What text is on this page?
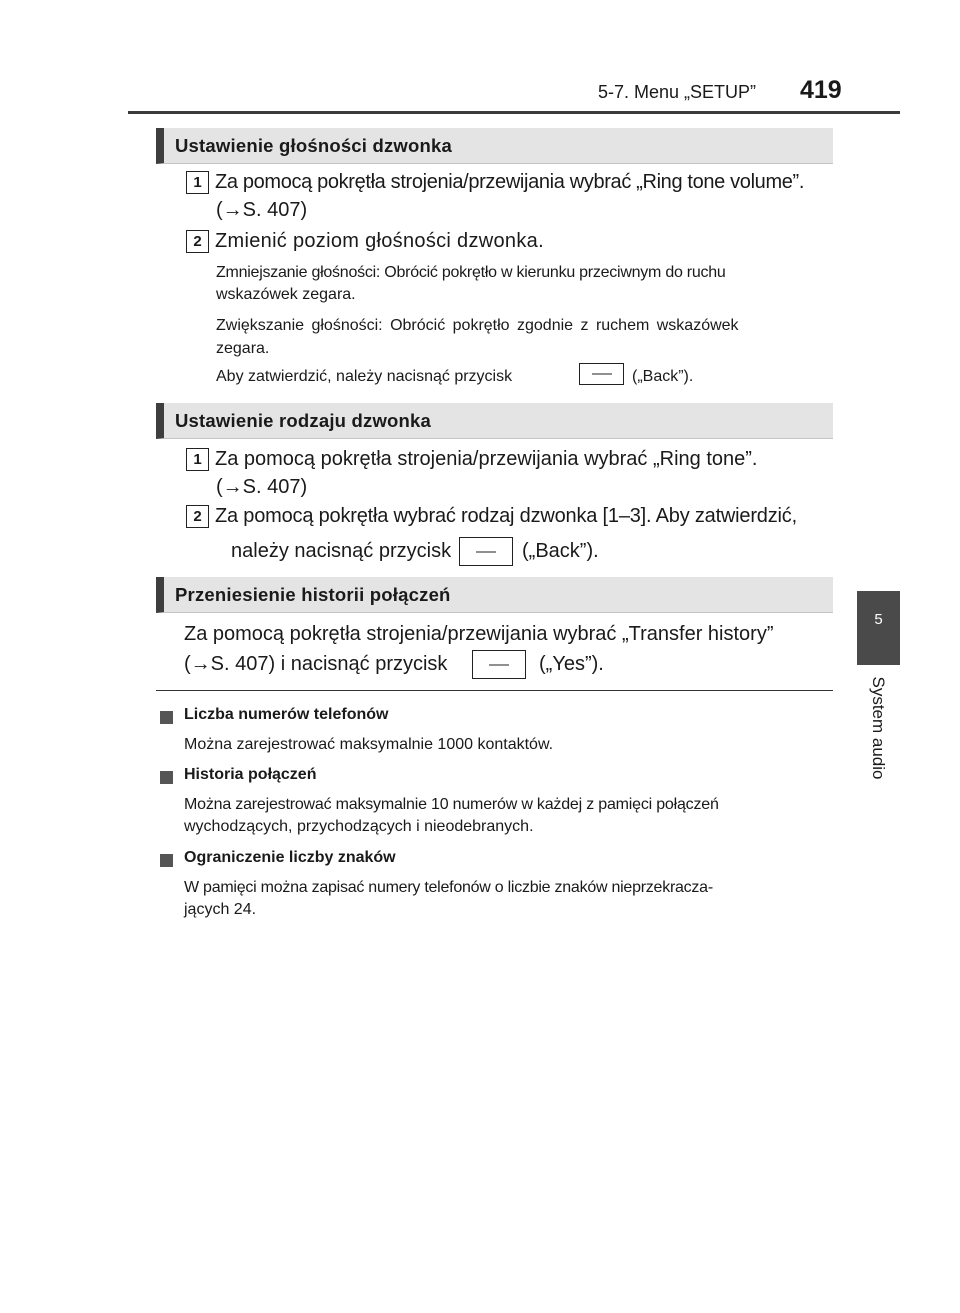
5-7. Menu „SETUP” 419
5
System audio
Ustawienie głośności dzwonka
1 Za pomocą pokrętła strojenia/przewijania wybrać „Ring tone volume”.
(→S. 407)
2 Zmienić poziom głośności dzwonka.
Zmniejszanie głośności: Obrócić pokrętło w kierunku przeciwnym do ruchu
wskazówek zegara.
Zwiększanie głośności: Obrócić pokrętło zgodnie z ruchem wskazówek
zegara.
Aby zatwierdzić, należy nacisnąć przycisk	(„Back”).
Ustawienie rodzaju dzwonka
1 Za pomocą pokrętła strojenia/przewijania wybrać „Ring tone”.
(→S. 407)
2 Za pomocą pokrętła wybrać rodzaj dzwonka [1–3]. Aby zatwierdzić,
należy nacisnąć przycisk	(„Back”).
Przeniesienie historii połączeń
Za pomocą pokrętła strojenia/przewijania wybrać „Transfer history”
(→S. 407) i nacisnąć przycisk	(„Yes”).
Liczba numerów telefonów
Można zarejestrować maksymalnie 1000 kontaktów.
Historia połączeń
Można zarejestrować maksymalnie 10 numerów w każdej z pamięci połączeń
wychodzących, przychodzących i nieodebranych.
Ograniczenie liczby znaków
W pamięci można zapisać numery telefonów o liczbie znaków nieprzekracza-
jących 24.
